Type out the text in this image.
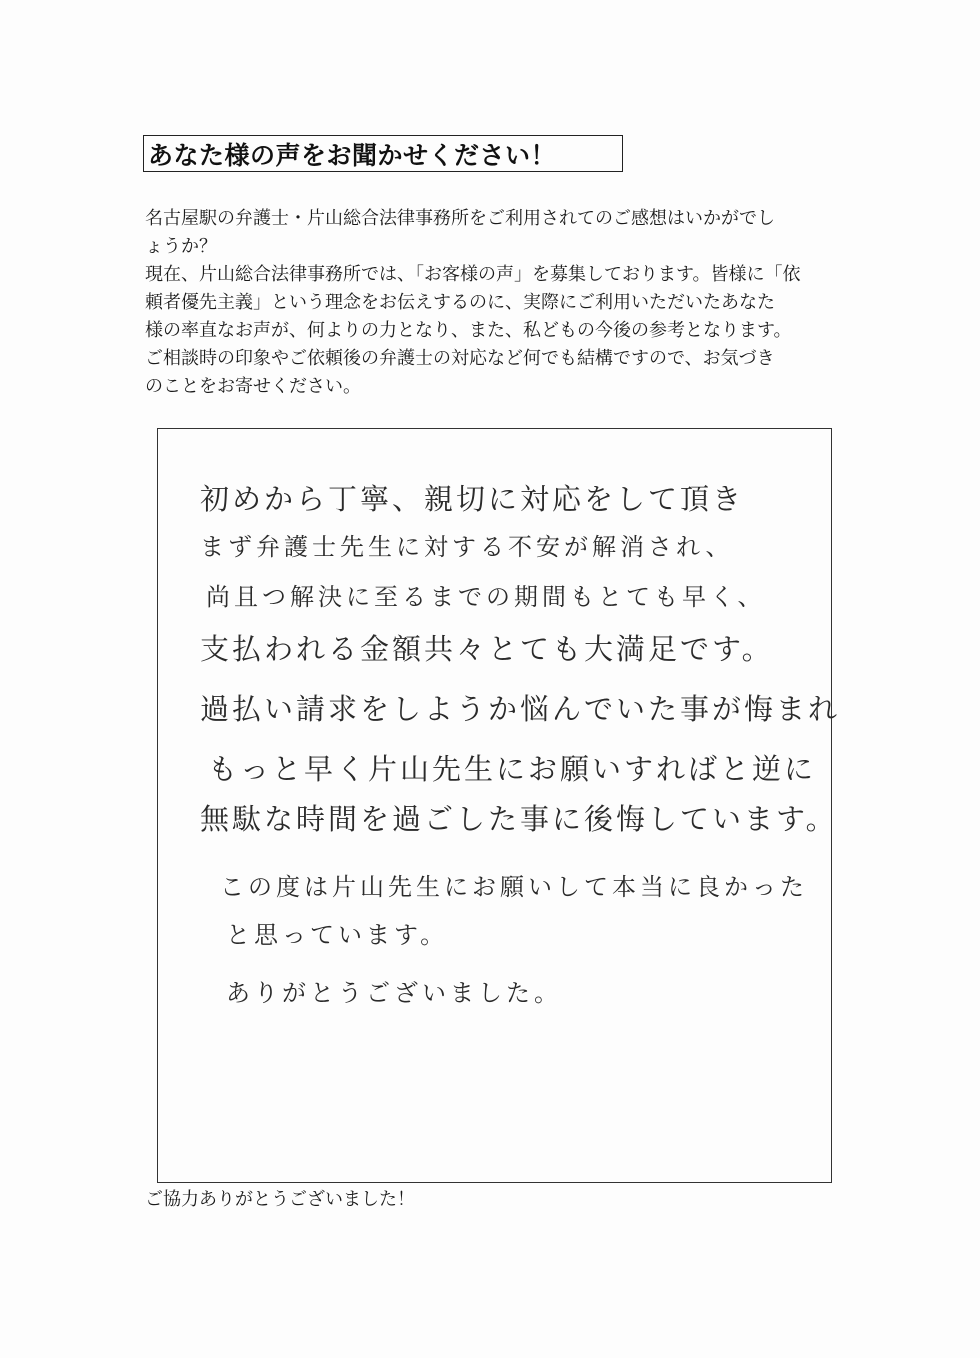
あなた様の声をお聞かせください！
名古屋駅の弁護士・片山総合法律事務所をご利用されてのご感想はいかがでし
ょうか？
現在、片山総合法律事務所では、「お客様の声」を募集しております。皆様に「依
頼者優先主義」という理念をお伝えするのに、実際にご利用いただいたあなた
様の率直なお声が、何よりの力となり、また、私どもの今後の参考となります。
ご相談時の印象やご依頼後の弁護士の対応など何でも結構ですので、お気づき
のことをお寄せください。
初めから丁寧、親切に対応をして頂き
まず弁護士先生に対する不安が解消され、
尚且つ解決に至るまでの期間もとても早く、
支払われる金額共々とても大満足です。
過払い請求をしようか悩んでいた事が悔まれ
もっと早く片山先生にお願いすればと逆に
無駄な時間を過ごした事に後悔しています。
この度は片山先生にお願いして本当に良かった
と思っています。
ありがとうございました。
ご協力ありがとうございました！
